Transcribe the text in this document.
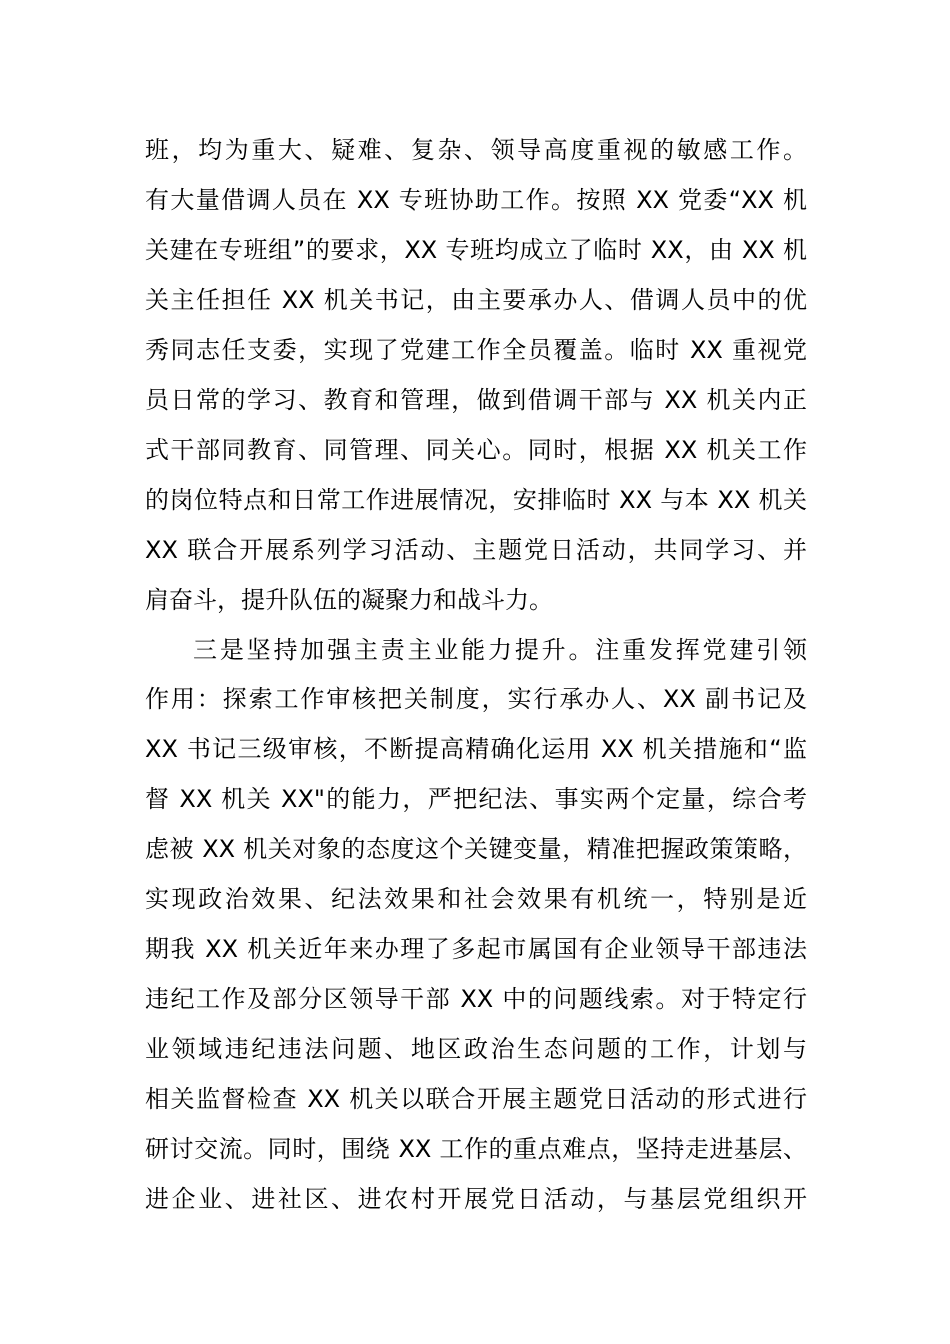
班，均为重大、疑难、复杂、领导高度重视的敏感工作。
有大量借调人员在 XX 专班协助工作。按照 XX 党委“XX 机
关建在专班组”的要求，XX 专班均成立了临时 XX，由 XX 机
关主任担任 XX 机关书记，由主要承办人、借调人员中的优
秀同志任支委，实现了党建工作全员覆盖。临时 XX 重视党
员日常的学习、教育和管理，做到借调干部与 XX 机关内正
式干部同教育、同管理、同关心。同时，根据 XX 机关工作
的岗位特点和日常工作进展情况，安排临时 XX 与本 XX 机关
XX 联合开展系列学习活动、主题党日活动，共同学习、并
肩奋斗，提升队伍的凝聚力和战斗力。
三是坚持加强主责主业能力提升。注重发挥党建引领
作用：探索工作审核把关制度，实行承办人、XX 副书记及
XX 书记三级审核，不断提高精确化运用 XX 机关措施和“监
督 XX 机关 XX"的能力，严把纪法、事实两个定量，综合考
虑被 XX 机关对象的态度这个关键变量，精准把握政策策略，
实现政治效果、纪法效果和社会效果有机统一，特别是近
期我 XX 机关近年来办理了多起市属国有企业领导干部违法
违纪工作及部分区领导干部 XX 中的问题线索。对于特定行
业领域违纪违法问题、地区政治生态问题的工作，计划与
相关监督检查 XX 机关以联合开展主题党日活动的形式进行
研讨交流。同时，围绕 XX 工作的重点难点，坚持走进基层、
进企业、进社区、进农村开展党日活动，与基层党组织开
